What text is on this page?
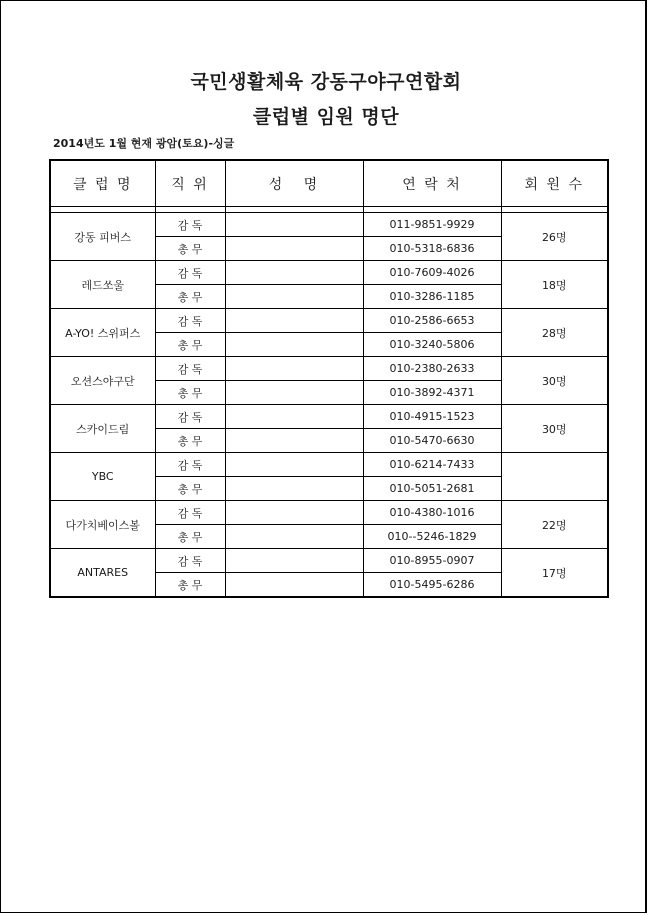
국민생활체육 강동구야구연합회
클럽별 임원 명단
2014년도 1월 현재 광암(토요)-싱글
클 럽 명	직 위	성   명	연 락 처	회 원 수

강동 피버스	감 독		011-9851-9929	26명
	총 무		010-5318-6836	
레드쏘울	감 독		010-7609-4026	18명
	총 무		010-3286-1185	
A-YO! 스위퍼스	감 독		010-2586-6653	28명
	총 무		010-3240-5806	
오션스야구단	감 독		010-2380-2633	30명
	총 무		010-3892-4371	
스카이드림	감 독		010-4915-1523	30명
	총 무		010-5470-6630	
YBC	감 독		010-6214-7433	
	총 무		010-5051-2681	
다가치베이스볼	감 독		010-4380-1016	22명
	총 무		010--5246-1829	
ANTARES	감 독		010-8955-0907	17명
	총 무		010-5495-6286	
